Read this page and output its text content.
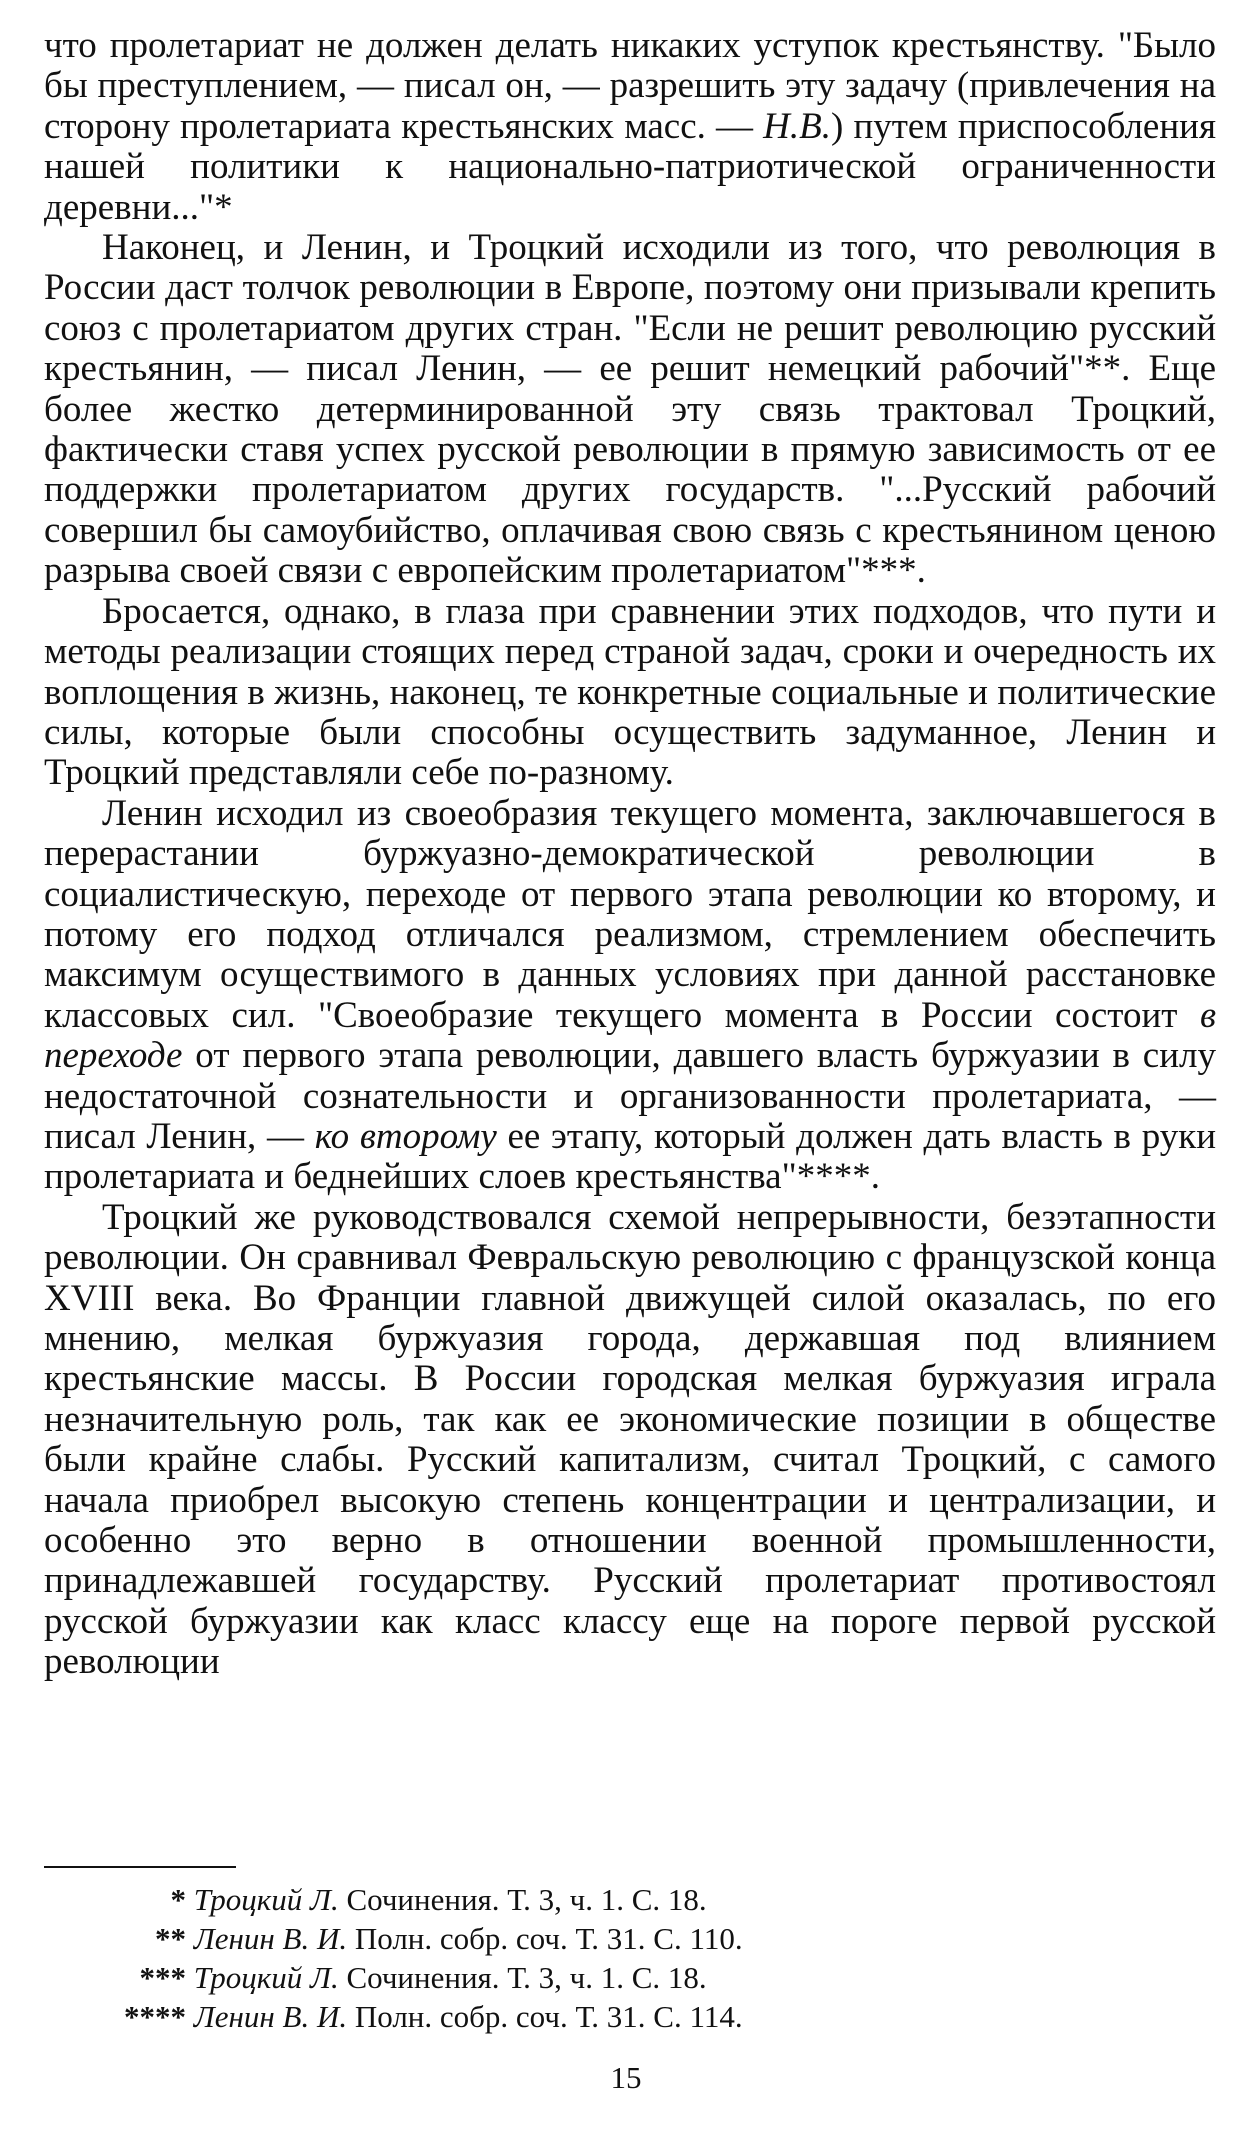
что пролетариат не должен делать никаких уступок крестьянству. "Было бы преступлением, — писал он, — разрешить эту задачу (привлечения на сторону пролетариата крестьянских масс. — Н.В.) путем приспособления нашей политики к национально-патриотической ограниченности деревни..."*

Наконец, и Ленин, и Троцкий исходили из того, что революция в России даст толчок революции в Европе, поэтому они призывали крепить союз с пролетариатом других стран. "Если не решит революцию русский крестьянин, — писал Ленин, — ее решит немецкий рабочий"**. Еще более жестко детерминированной эту связь трактовал Троцкий, фактически ставя успех русской революции в прямую зависимость от ее поддержки пролетариатом других государств. "...Русский рабочий совершил бы самоубийство, оплачивая свою связь с крестьянином ценою разрыва своей связи с европейским пролетариатом"***.

Бросается, однако, в глаза при сравнении этих подходов, что пути и методы реализации стоящих перед страной задач, сроки и очередность их воплощения в жизнь, наконец, те конкретные социальные и политические силы, которые были способны осуществить задуманное, Ленин и Троцкий представляли себе по-разному.

Ленин исходил из своеобразия текущего момента, заключавшегося в перерастании буржуазно-демократической революции в социалистическую, переходе от первого этапа революции ко второму, и потому его подход отличался реализмом, стремлением обеспечить максимум осуществимого в данных условиях при данной расстановке классовых сил. "Своеобразие текущего момента в России состоит в переходе от первого этапа революции, давшего власть буржуазии в силу недостаточной сознательности и организованности пролетариата, — писал Ленин, — ко второму ее этапу, который должен дать власть в руки пролетариата и беднейших слоев крестьянства"****.

Троцкий же руководствовался схемой непрерывности, безэтапности революции. Он сравнивал Февральскую революцию с французской конца XVIII века. Во Франции главной движущей силой оказалась, по его мнению, мелкая буржуазия города, державшая под влиянием крестьянские массы. В России городская мелкая буржуазия играла незначительную роль, так как ее экономические позиции в обществе были крайне слабы. Русский капитализм, считал Троцкий, с самого начала приобрел высокую степень концентрации и централизации, и особенно это верно в отношении военной промышленности, принадлежавшей государству. Русский пролетариат противостоял русской буржуазии как класс классу еще на пороге первой русской революции

* Троцкий Л. Сочинения. Т. 3, ч. 1. С. 18.
** Ленин В. И. Полн. собр. соч. Т. 31. С. 110.
*** Троцкий Л. Сочинения. Т. 3, ч. 1. С. 18.
**** Ленин В. И. Полн. собр. соч. Т. 31. С. 114.
15
